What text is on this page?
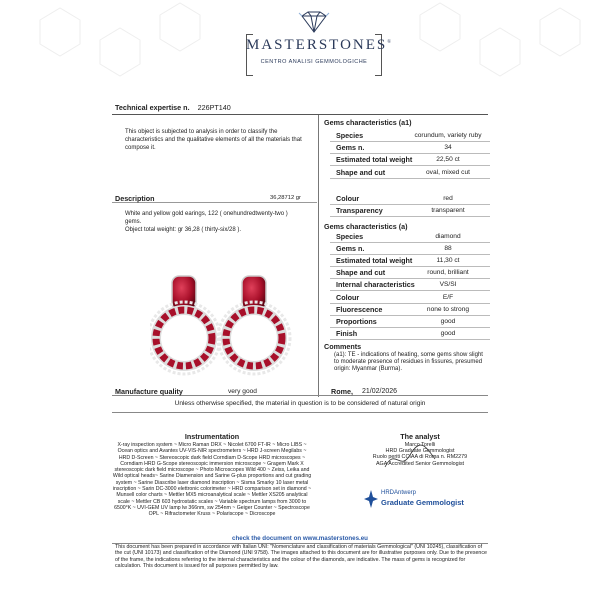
MASTERSTONES®
CENTRO ANALISI GEMMOLOGICHE
Technical expertise n. 226PT140
This object is subjected to analysis in order to classify the characteristics and the qualitative elements of all the materials that compose it.
Description	36,28712 gr
White and yellow gold earings, 122 ( onehundredtwenty-two ) gems.
Object total weight: gr 36,28 ( thirty-six/28 ).
Manufacture quality	very good	Rome, 21/02/2026
Gems characteristics (a1)
Species	corundum, variety ruby
Gems n.	34
Estimated total weight	22,50 ct
Shape and cut	oval, mixed cut
Colour	red
Transparency	transparent
Gems characteristics (a)
Species	diamond
Gems n.	88
Estimated total weight	11,30 ct
Shape and cut	round, brilliant
Internal characteristics	VS/SI
Colour	E/F
Fluorescence	none to strong
Proportions	good
Finish	good
Comments
(a1): TE - indications of heating, some gems show slight to moderate presence of residues in fissures, presumed origin: Myanmar (Burma).
Unless otherwise specified, the material in question is to be considered of natural origin
Instrumentation
X-ray inspection system ~ Micro Raman DRX ~ Nicolet 6700 FT-IR ~ Micro LIBS ~ Ocean optics and Avantes UV-VIS-NIR spectrometers ~ HRD J-screen Megilabs ~ HRD D-Screen ~ Stereoscopic dark field Corndiam D-Scope HRD microscopes ~ Corndiam HRD G-Scope stereoscopic immersion microscope ~ Gragem Mark X stereoscopic dark field microscope ~ Photo Microscopes Wild 400 ~ Zeiss, Leika and Wild optical heads~ Sarine Diamension and Sarine G-plus proportions and cut grading system ~ Sarine Diascribe laser diamond inscription ~ Sisma Smarky 10 laser metal inscription ~ Sarin DC-3000 elettronic colorimeter ~ HRD comparison set in diamond ~ Munsell color charts ~ Mettler MX5 microanalytical scale ~ Mettler XS205 analytical scale ~ Mettler CB 603 hydrostatic scales ~ Variable spectrum lamps from 3000 to 6500°K ~ UVI-GEM UV lamp lw 366nm, sw 254nm ~ Geiger Counter ~ Spectroscope OPL ~ Rifractometer Kruss ~ Polariscope ~ Dicroscope
The analyst
Marco Torelli
HRD Graduate Gemmologist
Ruolo periti CCIAA di Roma n. RM2279
AGA Accredited Senior Gemmologist
HRDAntwerp
Graduate Gemmologist
check the document on www.masterstones.eu
This document has been prepared in accordance with Italian UNI: "Nomenclature and classification of materials Gemmological" (UNI 10245), classification of the cut (UNI 10173) and classification of the Diamond (UNI 9758). The images attached to this document are for illustrative purposes only. Due to the presence of the frame, the indications referring to the internal characteristics and the colour of the diamonds, are indicative. The mass of gems is recognized for calculation. This document is issued for all purposes permitted by law.
